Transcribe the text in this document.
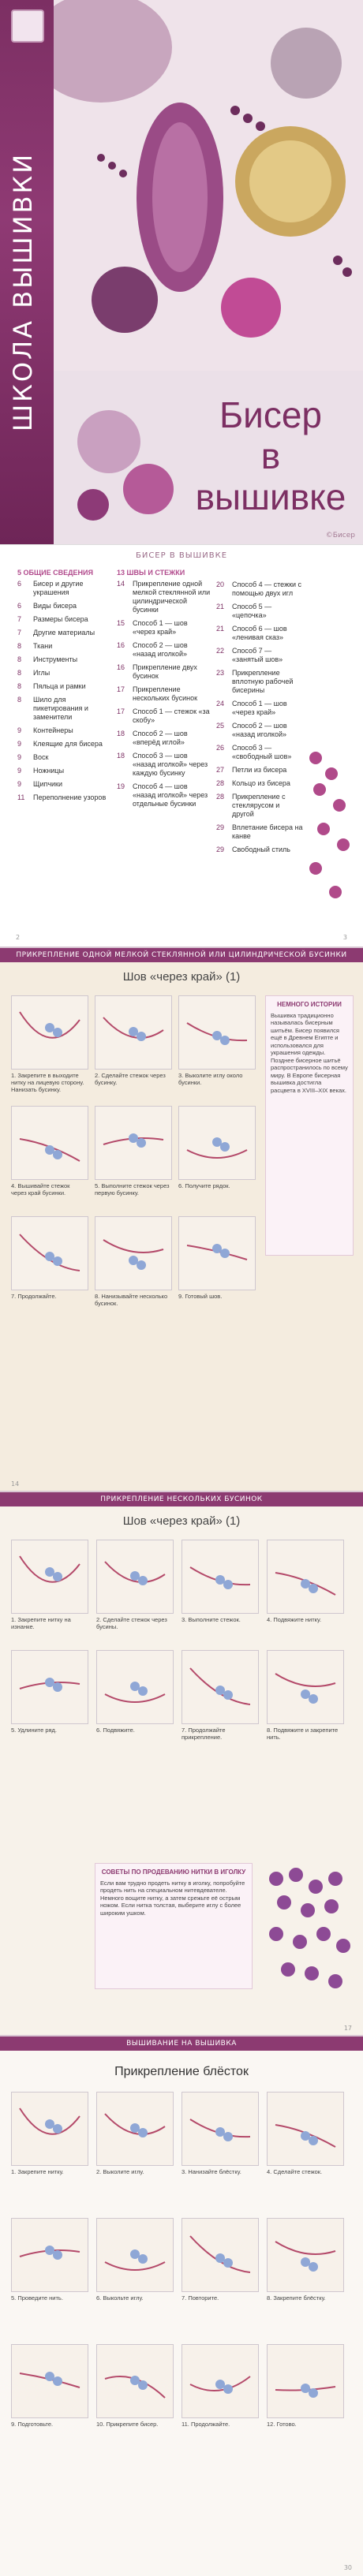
ШКОЛА ВЫШИВКИ	Бисер
в вышивке
©Бисер
БИСЕР В ВЫШИВКЕ
5 ОБЩИЕ СВЕДЕНИЯ
6	Бисер и другие украшения
6	Виды бисера
7	Размеры бисера
7	Другие материалы
8	Ткани
8	Инструменты
8	Иглы
8	Пяльца и рамки
8	Шило для пикетирования и заменители
9	Контейнеры
9	Клеящие для бисера
9	Воск
9	Ножницы
9	Щипчики
11	Переполнение узоров
13 ШВЫ И СТЕЖКИ
14	Прикрепление одной мелкой стеклянной или цилиндрической бусинки
15	Способ 1 — шов «через край»
16	Способ 2 — шов «назад иголкой»
16	Прикрепление двух бусинок
17	Прикрепление нескольких бусинок
17	Способ 1 — стежок «за скобу»
18	Способ 2 — шов «вперёд иглой»
18	Способ 3 — шов «назад иголкой» через каждую бусинку
19	Способ 4 — шов «назад иголкой» через отдельные бусинки
20	Способ 4 — стежки с помощью двух игл
21	Способ 5 — «цепочка»
21	Способ 6 — шов «ленивая сказ»
22	Способ 7 — «занятый шов»
23	Прикрепление вплотную рабочей бисерины
24	Способ 1 — шов «через край»
25	Способ 2 — шов «назад иголкой»
26	Способ 3 — «свободный шов»
27	Петли из бисера
28	Кольцо из бисера
28	Прикрепление с стеклярусом и другой
29	Вплетание бисера на канве
29	Свободный стиль
2	3
ПРИКРЕПЛЕНИЕ ОДНОЙ МЕЛКОЙ СТЕКЛЯННОЙ ИЛИ ЦИЛИНДРИЧЕСКОЙ БУСИНКИ
Шов «через край» (1)
1. Закрепите в выходите нитку на лицевую сторону. Нанизать бусинку.
2. Сделайте стежок через бусинку.
3. Выколите иглу около бусинки.
4. Вышивайте стежок через край бусинки.
5. Выполните стежок через первую бусинку.
6. Получите рядок.
7. Продолжайте.	8. Нанизывайте несколько бусинок.
9. Готовый шов.
НЕМНОГО ИСТОРИИ
Вышивка традиционно называлась бисерным шитьём. Бисер появился ещё в Древнем Египте и использовался для украшения одежды. Позднее бисерное шитьё распространилось по всему миру. В Европе бисерная вышивка достигла расцвета в XVIII–XIX веках.
14
ПРИКРЕПЛЕНИЕ НЕСКОЛЬКИХ БУСИНОК
Шов «через край» (1)
1. Закрепите нитку на изнанке.
2. Сделайте стежок через бусины.
3. Выполните стежок.	4. Подвяжите нитку.
5. Удлините ряд.	6. Подвяжите.	7. Продолжайте прикрепление.
8. Подвяжите и закрепите нить.
СОВЕТЫ ПО ПРОДЕВАНИЮ НИТКИ В ИГОЛКУ
Если вам трудно продеть нитку в иголку, попробуйте продеть нить на специальном нитевдевателе. Немного вощите нитку, а затем срежьте её острым ножом. Если нитка толстая, выберите иглу с более широким ушком.
17
ВЫШИВАНИЕ НА ВЫШИВКА
Прикрепление блёсток
1. Закрепите нитку.	2. Выколите иглу.	3. Нанизайте блёстку.	4. Сделайте стежок.
5. Проведите нить.	6. Выкольте иглу.	7. Повторите.	8. Закрепите блёстку.
9. Подготовьте.	10. Прикрепите бисер.	11. Продолжайте.	12. Готово.
30
